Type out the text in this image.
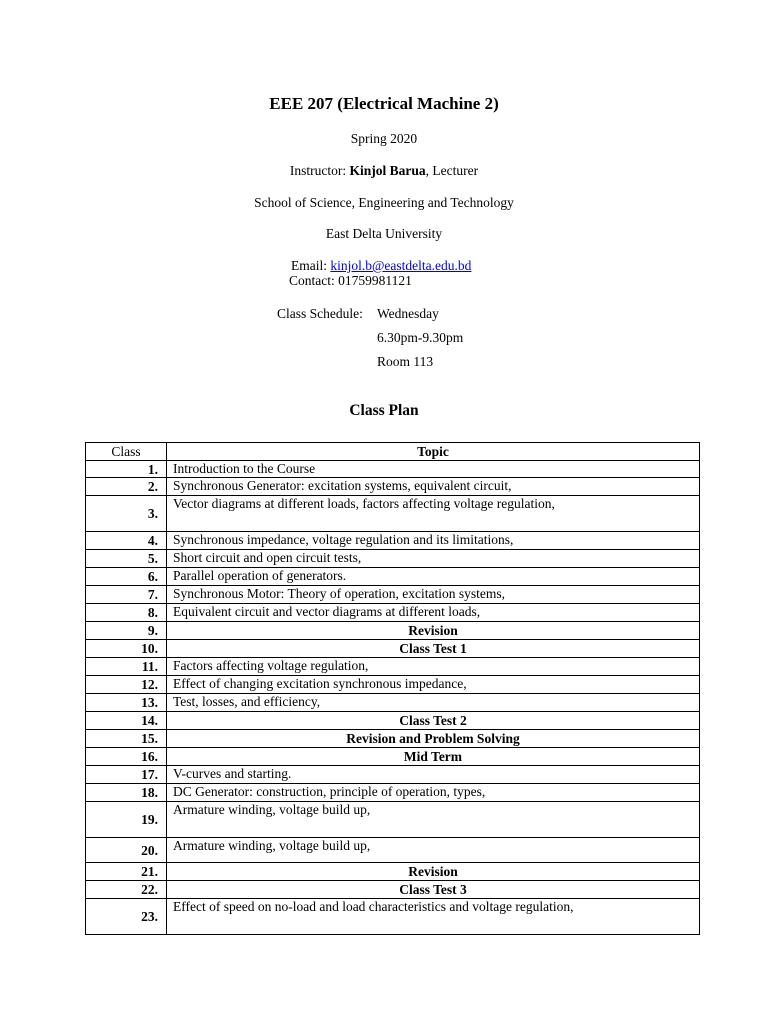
EEE 207 (Electrical Machine 2)
Spring 2020
Instructor: Kinjol Barua, Lecturer
School of Science, Engineering and Technology
East Delta University
Email: kinjol.b@eastdelta.edu.bd
Contact: 01759981121
Class Schedule: Wednesday
6.30pm-9.30pm
Room 113
Class Plan
Class	Topic
1.	Introduction to the Course
2.	Synchronous Generator: excitation systems, equivalent circuit,
3.	Vector diagrams at different loads, factors affecting voltage regulation,
4.	Synchronous impedance, voltage regulation and its limitations,
5.	Short circuit and open circuit tests,
6.	Parallel operation of generators.
7.	Synchronous Motor: Theory of operation, excitation systems,
8.	Equivalent circuit and vector diagrams at different loads,
9.	Revision
10.	Class Test 1
11.	Factors affecting voltage regulation,
12.	Effect of changing excitation synchronous impedance,
13.	Test, losses, and efficiency,
14.	Class Test 2
15.	Revision and Problem Solving
16.	Mid Term
17.	V-curves and starting.
18.	DC Generator: construction, principle of operation, types,
19.	Armature winding, voltage build up,
20.	Armature winding, voltage build up,
21.	Revision
22.	Class Test 3
23.	Effect of speed on no-load and load characteristics and voltage regulation,
